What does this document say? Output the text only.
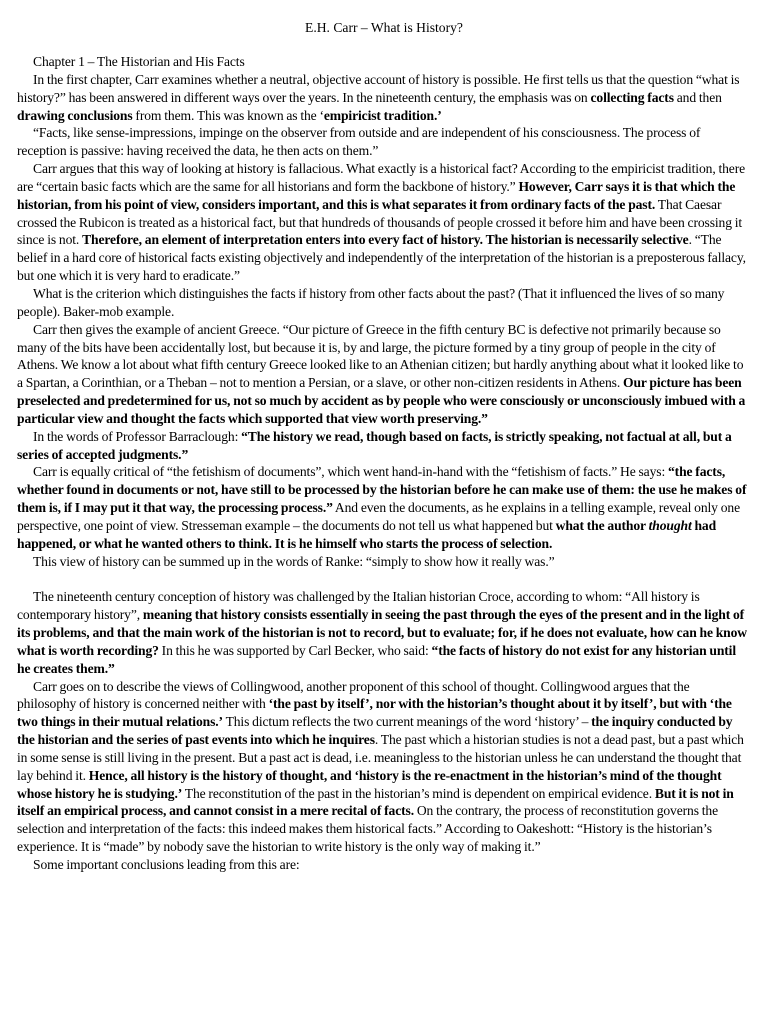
E.H. Carr – What is History?

Chapter 1 – The Historian and His Facts

In the first chapter, Carr examines whether a neutral, objective account of history is possible. He first tells us that the question “what is history?” has been answered in different ways over the years. In the nineteenth century, the emphasis was on collecting facts and then drawing conclusions from them. This was known as the ‘empiricist tradition.’

“Facts, like sense-impressions, impinge on the observer from outside and are independent of his consciousness. The process of reception is passive: having received the data, he then acts on them.”

Carr argues that this way of looking at history is fallacious. What exactly is a historical fact? According to the empiricist tradition, there are “certain basic facts which are the same for all historians and form the backbone of history.” However, Carr says it is that which the historian, from his point of view, considers important, and this is what separates it from ordinary facts of the past. That Caesar crossed the Rubicon is treated as a historical fact, but that hundreds of thousands of people crossed it before him and have been crossing it since is not. Therefore, an element of interpretation enters into every fact of history. The historian is necessarily selective. “The belief in a hard core of historical facts existing objectively and independently of the interpretation of the historian is a preposterous fallacy, but one which it is very hard to eradicate.”

What is the criterion which distinguishes the facts if history from other facts about the past? (That it influenced the lives of so many people). Baker-mob example.

Carr then gives the example of ancient Greece. “Our picture of Greece in the fifth century BC is defective not primarily because so many of the bits have been accidentally lost, but because it is, by and large, the picture formed by a tiny group of people in the city of Athens. We know a lot about what fifth century Greece looked like to an Athenian citizen; but hardly anything about what it looked like to a Spartan, a Corinthian, or a Theban – not to mention a Persian, or a slave, or other non-citizen residents in Athens. Our picture has been preselected and predetermined for us, not so much by accident as by people who were consciously or unconsciously imbued with a particular view and thought the facts which supported that view worth preserving.”

In the words of Professor Barraclough: “The history we read, though based on facts, is strictly speaking, not factual at all, but a series of accepted judgments.”

Carr is equally critical of “the fetishism of documents”, which went hand-in-hand with the “fetishism of facts.” He says: “the facts, whether found in documents or not, have still to be processed by the historian before he can make use of them: the use he makes of them is, if I may put it that way, the processing process.” And even the documents, as he explains in a telling example, reveal only one perspective, one point of view. Stresseman example – the documents do not tell us what happened but what the author thought had happened, or what he wanted others to think. It is he himself who starts the process of selection.

This view of history can be summed up in the words of Ranke: “simply to show how it really was.”

The nineteenth century conception of history was challenged by the Italian historian Croce, according to whom: “All history is contemporary history”, meaning that history consists essentially in seeing the past through the eyes of the present and in the light of its problems, and that the main work of the historian is not to record, but to evaluate; for, if he does not evaluate, how can he know what is worth recording? In this he was supported by Carl Becker, who said: “the facts of history do not exist for any historian until he creates them.”

Carr goes on to describe the views of Collingwood, another proponent of this school of thought. Collingwood argues that the philosophy of history is concerned neither with ‘the past by itself’, nor with the historian’s thought about it by itself’, but with ‘the two things in their mutual relations.’ This dictum reflects the two current meanings of the word ‘history’ – the inquiry conducted by the historian and the series of past events into which he inquires. The past which a historian studies is not a dead past, but a past which in some sense is still living in the present. But a past act is dead, i.e. meaningless to the historian unless he can understand the thought that lay behind it. Hence, all history is the history of thought, and ‘history is the re-enactment in the historian’s mind of the thought whose history he is studying.’ The reconstitution of the past in the historian’s mind is dependent on empirical evidence. But it is not in itself an empirical process, and cannot consist in a mere recital of facts. On the contrary, the process of reconstitution governs the selection and interpretation of the facts: this indeed makes them historical facts.” According to Oakeshott: “History is the historian’s experience. It is “made” by nobody save the historian to write history is the only way of making it.”

Some important conclusions leading from this are:
